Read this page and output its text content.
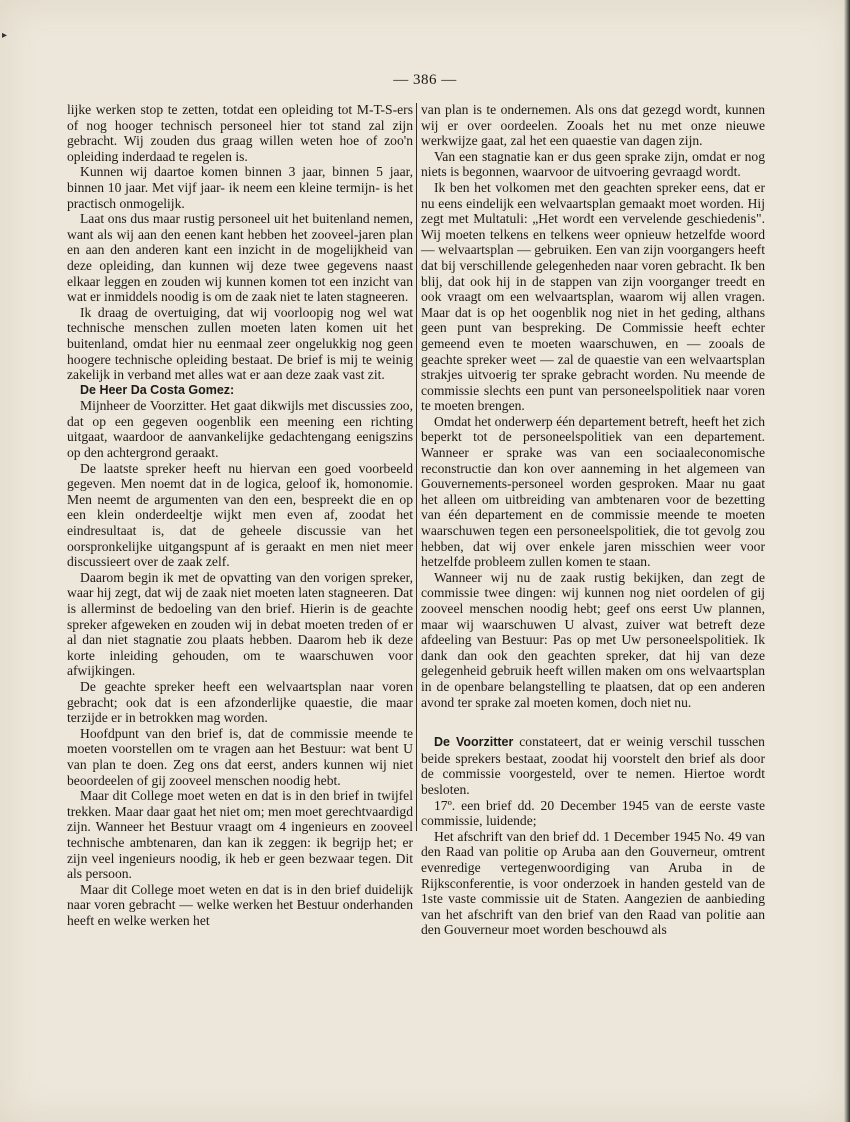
▸
— 386 —

lijke werken stop te zetten, totdat een opleiding tot M-T-S-ers of nog hooger technisch personeel hier tot stand zal zijn gebracht. Wij zouden dus graag willen weten hoe of zoo'n opleiding inderdaad te regelen is.

Kunnen wij daartoe komen binnen 3 jaar, binnen 5 jaar, binnen 10 jaar. Met vijf jaar- ik neem een kleine termijn- is het practisch onmogelijk.

Laat ons dus maar rustig personeel uit het buitenland nemen, want als wij aan den eenen kant hebben het zooveel-jaren plan en aan den anderen kant een inzicht in de mogelijkheid van deze opleiding, dan kunnen wij deze twee gegevens naast elkaar leggen en zouden wij kunnen komen tot een inzicht van wat er inmiddels noodig is om de zaak niet te laten stagneeren.

Ik draag de overtuiging, dat wij voorloopig nog wel wat technische menschen zullen moeten laten komen uit het buitenland, omdat hier nu eenmaal zeer ongelukkig nog geen hoogere technische opleiding bestaat. De brief is mij te weinig zakelijk in verband met alles wat er aan deze zaak vast zit.

De Heer Da Costa Gomez:

Mijnheer de Voorzitter. Het gaat dikwijls met discussies zoo, dat op een gegeven oogenblik een meening een richting uitgaat, waardoor de aanvankelijke gedachtengang eenigszins op den achtergrond geraakt.

De laatste spreker heeft nu hiervan een goed voorbeeld gegeven. Men noemt dat in de logica, geloof ik, homonomie. Men neemt de argumenten van den een, bespreekt die en op een klein onderdeeltje wijkt men even af, zoodat het eindresultaat is, dat de geheele discussie van het oorspronkelijke uitgangspunt af is geraakt en men niet meer discussieert over de zaak zelf.

Daarom begin ik met de opvatting van den vorigen spreker, waar hij zegt, dat wij de zaak niet moeten laten stagneeren. Dat is allerminst de bedoeling van den brief. Hierin is de geachte spreker afgeweken en zouden wij in debat moeten treden of er al dan niet stagnatie zou plaats hebben. Daarom heb ik deze korte inleiding gehouden, om te waarschuwen voor afwijkingen.

De geachte spreker heeft een welvaartsplan naar voren gebracht; ook dat is een afzonderlijke quaestie, die maar terzijde er in betrokken mag worden.

Hoofdpunt van den brief is, dat de commissie meende te moeten voorstellen om te vragen aan het Bestuur: wat bent U van plan te doen. Zeg ons dat eerst, anders kunnen wij niet beoordeelen of gij zooveel menschen noodig hebt.

Maar dit College moet weten en dat is in den brief in twijfel trekken. Maar daar gaat het niet om; men moet gerechtvaardigd zijn. Wanneer het Bestuur vraagt om 4 ingenieurs en zooveel technische ambtenaren, dan kan ik zeggen: ik begrijp het; er zijn veel ingenieurs noodig, ik heb er geen bezwaar tegen. Dit als persoon.

Maar dit College moet weten en dat is in den brief duidelijk naar voren gebracht — welke werken het Bestuur onderhanden heeft en welke werken het

van plan is te ondernemen. Als ons dat gezegd wordt, kunnen wij er over oordeelen. Zooals het nu met onze nieuwe werkwijze gaat, zal het een quaestie van dagen zijn.

Van een stagnatie kan er dus geen sprake zijn, omdat er nog niets is begonnen, waarvoor de uitvoering gevraagd wordt.

Ik ben het volkomen met den geachten spreker eens, dat er nu eens eindelijk een welvaartsplan gemaakt moet worden. Hij zegt met Multatuli: „Het wordt een vervelende geschiedenis". Wij moeten telkens en telkens weer opnieuw hetzelfde woord — welvaartsplan — gebruiken. Een van zijn voorgangers heeft dat bij verschillende gelegenheden naar voren gebracht. Ik ben blij, dat ook hij in de stappen van zijn voorganger treedt en ook vraagt om een welvaartsplan, waarom wij allen vragen. Maar dat is op het oogenblik nog niet in het geding, althans geen punt van bespreking. De Commissie heeft echter gemeend even te moeten waarschuwen, en — zooals de geachte spreker weet — zal de quaestie van een welvaartsplan strakjes uitvoerig ter sprake gebracht worden. Nu meende de commissie slechts een punt van personeelspolitiek naar voren te moeten brengen.

Omdat het onderwerp één departement betreft, heeft het zich beperkt tot de personeelspolitiek van een departement. Wanneer er sprake was van een sociaaleconomische reconstructie dan kon over aanneming in het algemeen van Gouvernements-personeel worden gesproken. Maar nu gaat het alleen om uitbreiding van ambtenaren voor de bezetting van één departement en de commissie meende te moeten waarschuwen tegen een personeelspolitiek, die tot gevolg zou hebben, dat wij over enkele jaren misschien weer voor hetzelfde probleem zullen komen te staan.

Wanneer wij nu de zaak rustig bekijken, dan zegt de commissie twee dingen: wij kunnen nog niet oordelen of gij zooveel menschen noodig hebt; geef ons eerst Uw plannen, maar wij waarschuwen U alvast, zuiver wat betreft deze afdeeling van Bestuur: Pas op met Uw personeelspolitiek. Ik dank dan ook den geachten spreker, dat hij van deze gelegenheid gebruik heeft willen maken om ons welvaartsplan in de openbare belangstelling te plaatsen, dat op een anderen avond ter sprake zal moeten komen, doch niet nu.

De Voorzitter constateert, dat er weinig verschil tusschen beide sprekers bestaat, zoodat hij voorstelt den brief als door de commissie voorgesteld, over te nemen. Hiertoe wordt besloten.

17º. een brief dd. 20 December 1945 van de eerste vaste commissie, luidende;

Het afschrift van den brief dd. 1 December 1945 No. 49 van den Raad van politie op Aruba aan den Gouverneur, omtrent evenredige vertegenwoordiging van Aruba in de Rijksconferentie, is voor onderzoek in handen gesteld van de 1ste vaste commissie uit de Staten. Aangezien de aanbieding van het afschrift van den brief van den Raad van politie aan den Gouverneur moet worden beschouwd als
